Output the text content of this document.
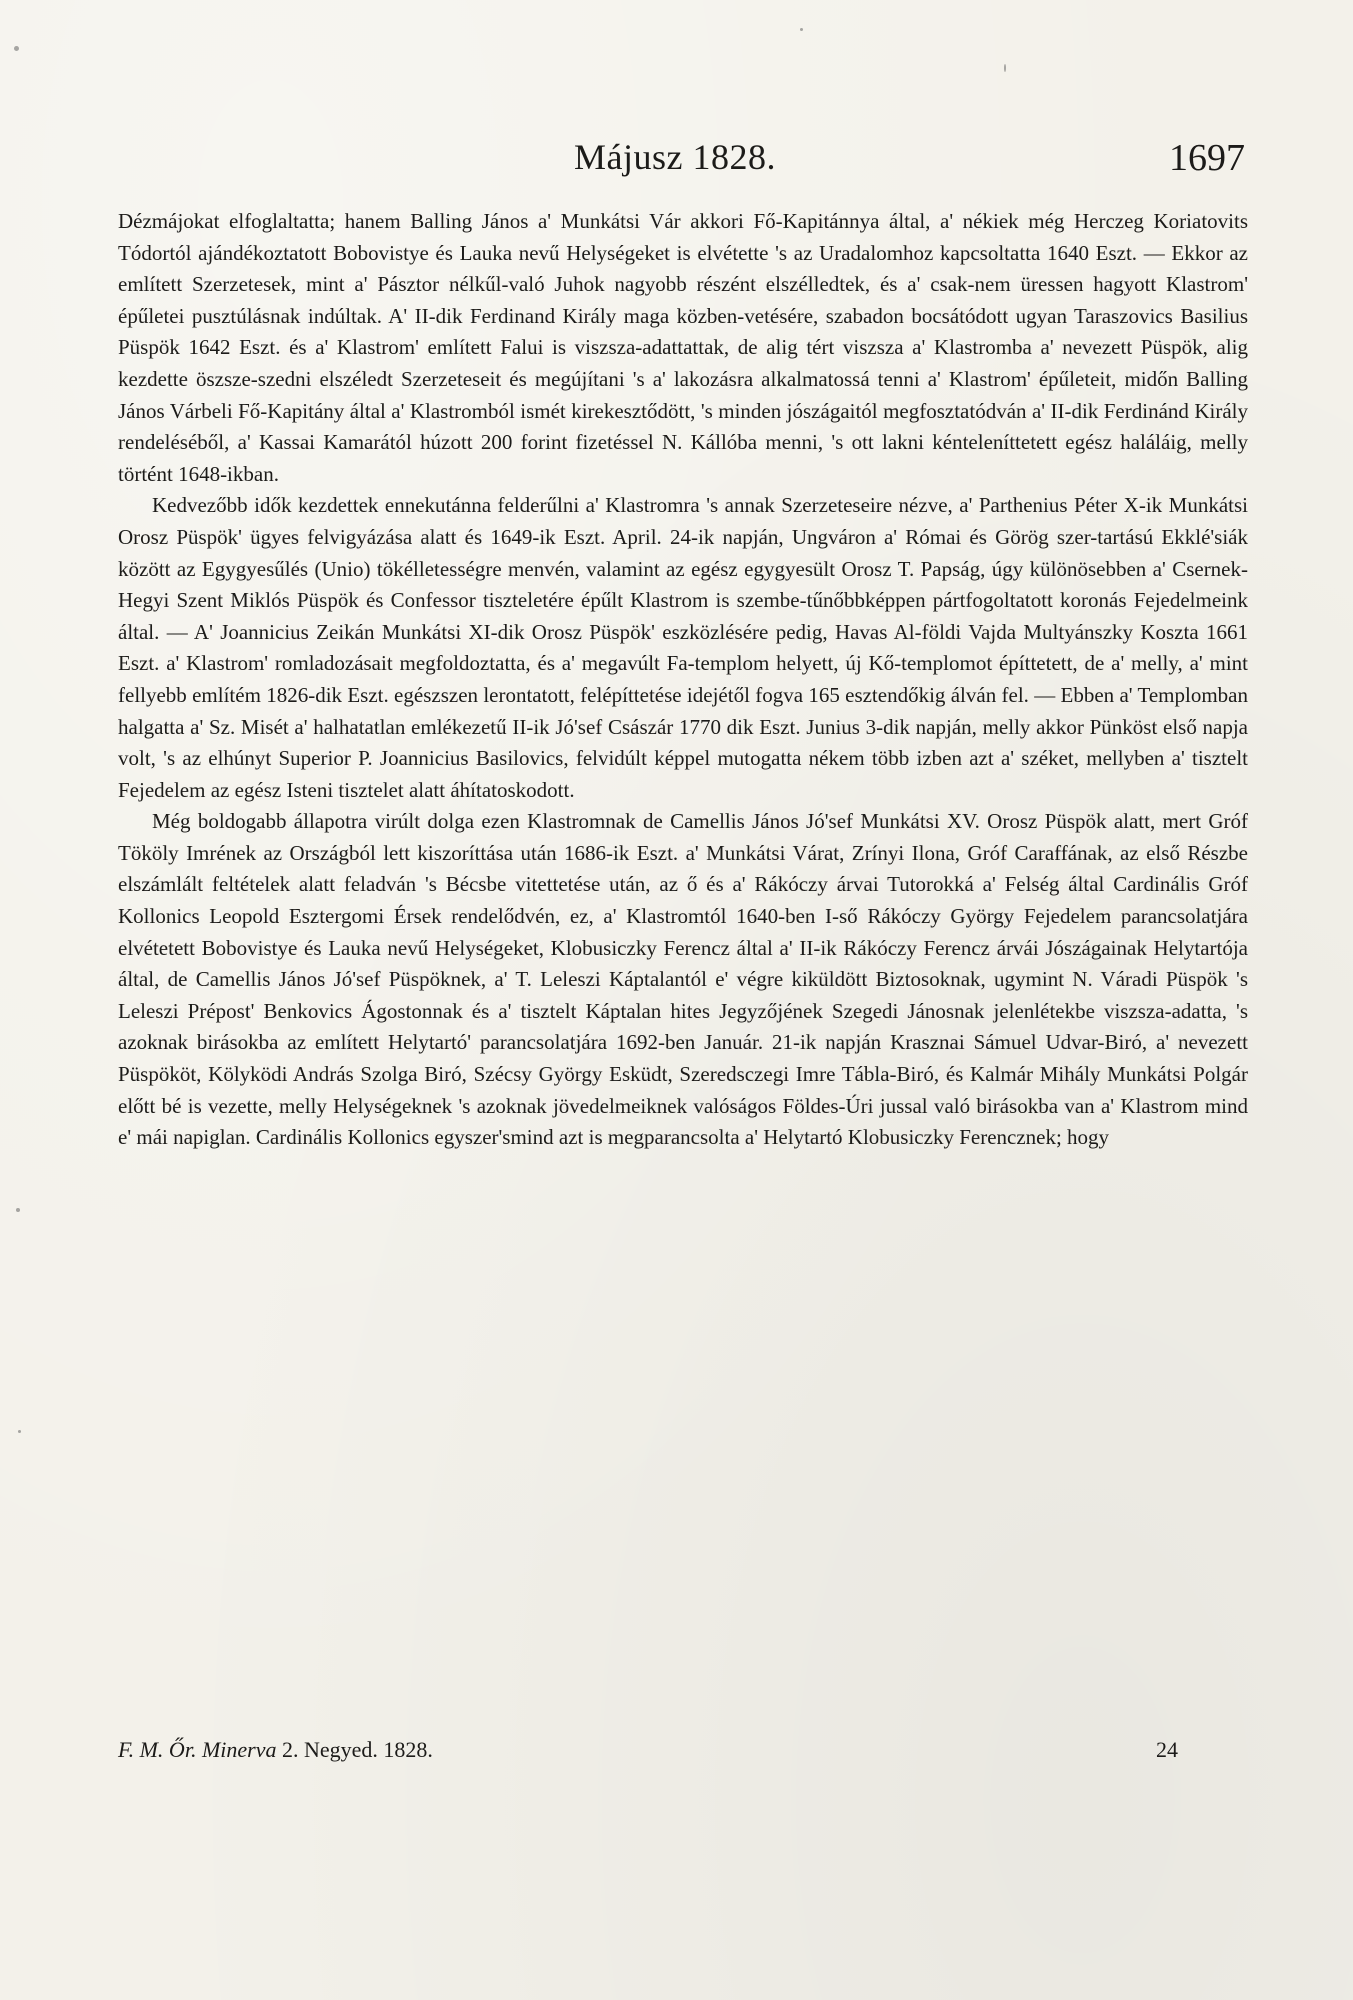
Májusz 1828.	1697

Dézmájokat elfoglaltatta; hanem Balling János a' Munkátsi Vár akkori Fő-Kapitánnya által, a' nékiek még Herczeg Koriatovits Tódortól ajándékoztatott Bobovistye és Lauka nevű Helységeket is elvétette 's az Uradalomhoz kapcsoltatta 1640 Eszt. — Ekkor az említett Szerzetesek, mint a' Pásztor nélkűl-való Juhok nagyobb részént elszélledtek, és a' csak-nem üressen hagyott Klastrom' épűletei pusztúlásnak indúltak. A' II-dik Ferdinand Király maga közben-vetésére, szabadon bocsátódott ugyan Taraszovics Basilius Püspök 1642 Eszt. és a' Klastrom' említett Falui is viszsza-adattattak, de alig tért viszsza a' Klastromba a' nevezett Püspök, alig kezdette öszsze-szedni elszéledt Szerzeteseit és megújítani 's a' lakozásra alkalmatossá tenni a' Klastrom' épűleteit, midőn Balling János Várbeli Fő-Kapitány által a' Klastromból ismét kirekesztődött, 's minden jószágaitól megfosztatódván a' II-dik Ferdinánd Király rendeléséből, a' Kassai Kamarától húzott 200 forint fizetéssel N. Kállóba menni, 's ott lakni kénteleníttetett egész haláláig, melly történt 1648-ikban.

Kedvezőbb idők kezdettek ennekutánna felderűlni a' Klastromra 's annak Szerzeteseire nézve, a' Parthenius Péter X-ik Munkátsi Orosz Püspök' ügyes felvigyázása alatt és 1649-ik Eszt. April. 24-ik napján, Ungváron a' Római és Görög szer-tartású Ekklé'siák között az Egygyesűlés (Unio) tökélletességre menvén, valamint az egész egygyesült Orosz T. Papság, úgy különösebben a' Csernek-Hegyi Szent Miklós Püspök és Confessor tiszteletére épűlt Klastrom is szembe-tűnőbbképpen pártfogoltatott koronás Fejedelmeink által. — A' Joannicius Zeikán Munkátsi XI-dik Orosz Püspök' eszközlésére pedig, Havas Al-földi Vajda Multyánszky Koszta 1661 Eszt. a' Klastrom' romladozásait megfoldoztatta, és a' megavúlt Fa-templom helyett, új Kő-templomot építtetett, de a' melly, a' mint fellyebb említém 1826-dik Eszt. egészszen lerontatott, felépíttetése idejétől fogva 165 esztendőkig álván fel. — Ebben a' Templomban halgatta a' Sz. Misét a' halhatatlan emlékezetű II-ik Jó'sef Császár 1770 dik Eszt. Junius 3-dik napján, melly akkor Pünköst első napja volt, 's az elhúnyt Superior P. Joannicius Basilovics, felvidúlt képpel mutogatta nékem több izben azt a' széket, mellyben a' tisztelt Fejedelem az egész Isteni tisztelet alatt áhítatoskodott.

Még boldogabb állapotra virúlt dolga ezen Klastromnak de Camellis János Jó'sef Munkátsi XV. Orosz Püspök alatt, mert Gróf Tököly Imrének az Országból lett kiszoríttása után 1686-ik Eszt. a' Munkátsi Várat, Zrínyi Ilona, Gróf Caraffának, az első Részbe elszámlált feltételek alatt feladván 's Bécsbe vitettetése után, az ő és a' Rákóczy árvai Tutorokká a' Felség által Cardinális Gróf Kollonics Leopold Esztergomi Érsek rendelődvén, ez, a' Klastromtól 1640-ben I-ső Rákóczy György Fejedelem parancsolatjára elvétetett Bobovistye és Lauka nevű Helységeket, Klobusiczky Ferencz által a' II-ik Rákóczy Ferencz árvái Jószágainak Helytartója által, de Camellis János Jó'sef Püspöknek, a' T. Leleszi Káptalantól e' végre kiküldött Biztosoknak, ugymint N. Váradi Püspök 's Leleszi Prépost' Benkovics Ágostonnak és a' tisztelt Káptalan hites Jegyzőjének Szegedi Jánosnak jelenlétekbe viszsza-adatta, 's azoknak birásokba az említett Helytartó' parancsolatjára 1692-ben Január. 21-ik napján Krasznai Sámuel Udvar-Biró, a' nevezett Püspököt, Kölyködi András Szolga Biró, Szécsy György Esküdt, Szeredsczegi Imre Tábla-Biró, és Kalmár Mihály Munkátsi Polgár előtt bé is vezette, melly Helységeknek 's azoknak jövedelmeiknek valóságos Földes-Úri jussal való birásokba van a' Klastrom mind e' mái napiglan. Cardinális Kollonics egyszer'smind azt is megparancsolta a' Helytartó Klobusiczky Ferencznek; hogy

F. M. Őr. Minerva 2. Negyed. 1828.	24
